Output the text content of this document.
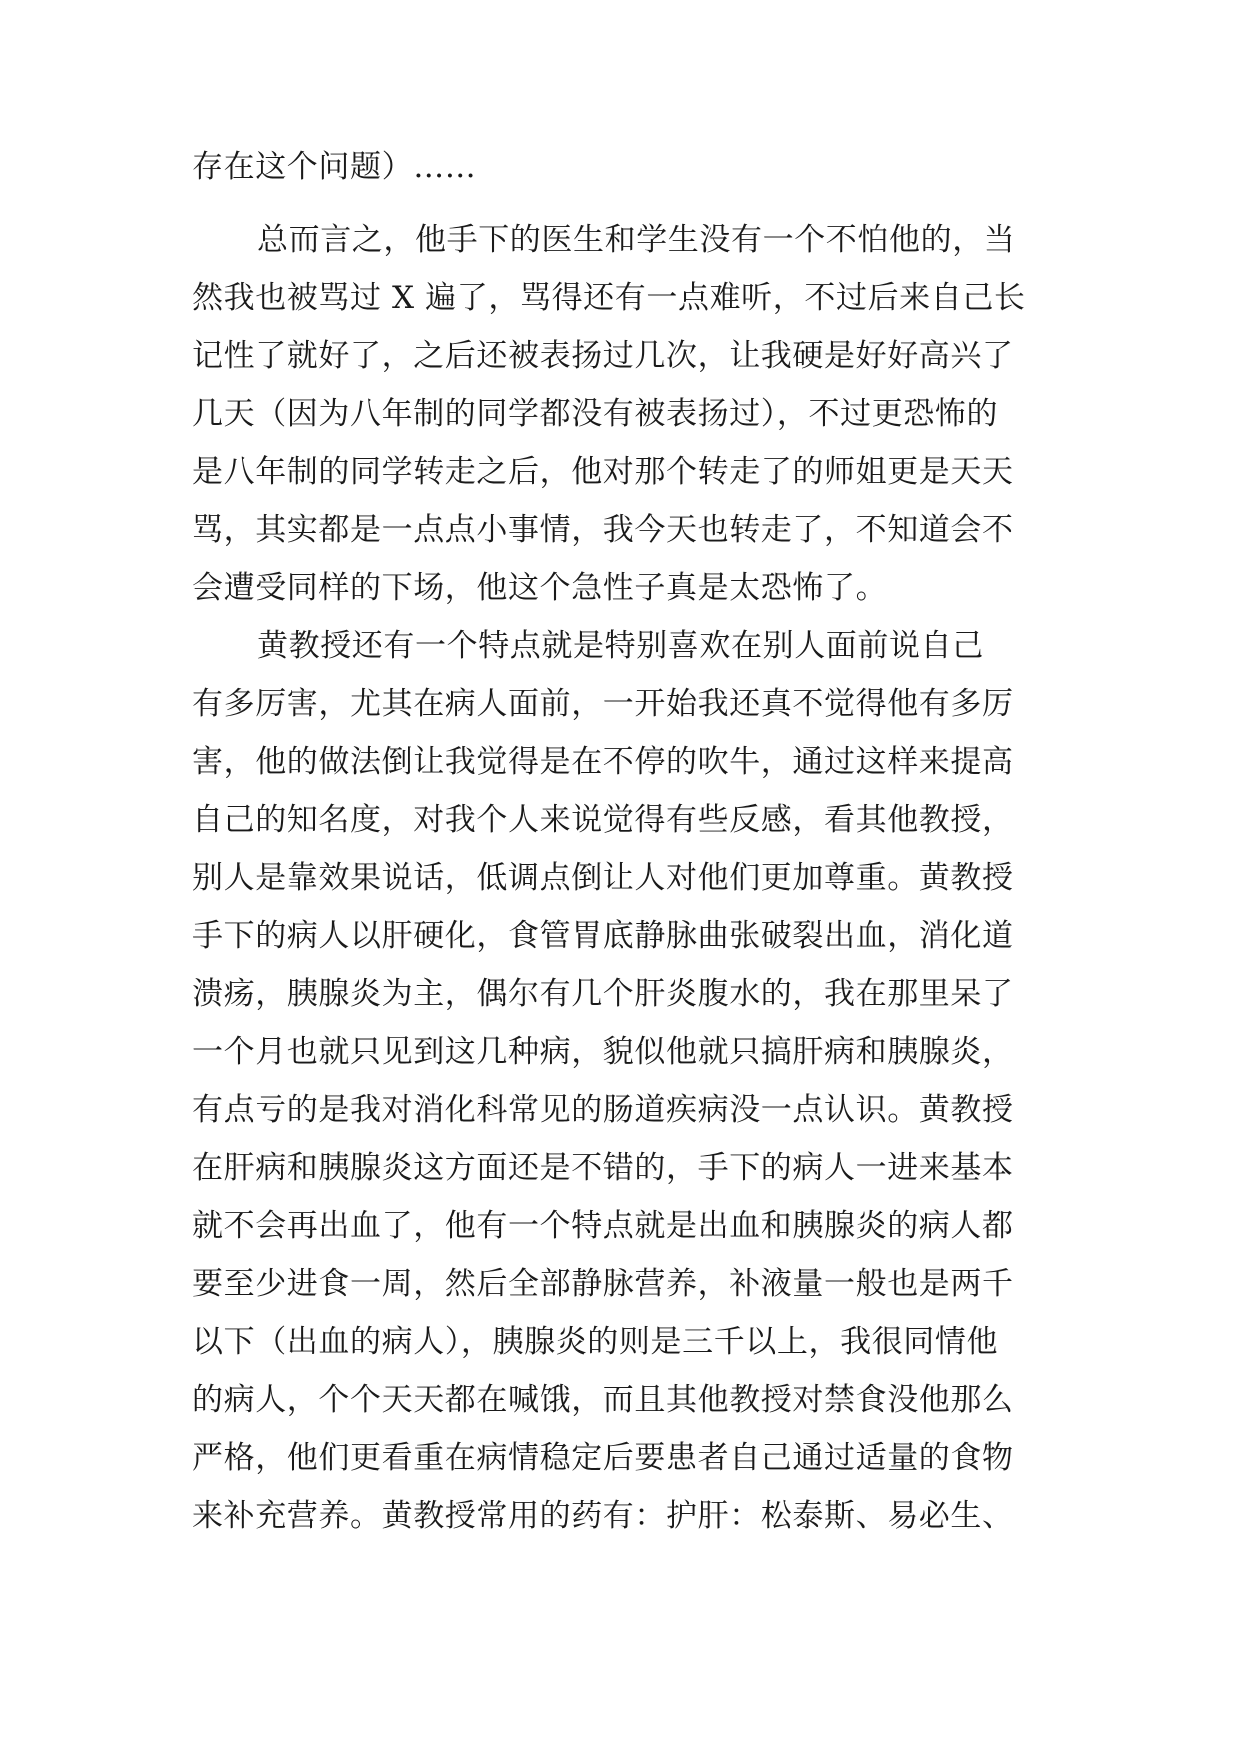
存在这个问题）……
总而言之，他手下的医生和学生没有一个不怕他的，当
然我也被骂过 X 遍了，骂得还有一点难听，不过后来自己长
记性了就好了，之后还被表扬过几次，让我硬是好好高兴了
几天（因为八年制的同学都没有被表扬过），不过更恐怖的
是八年制的同学转走之后，他对那个转走了的师姐更是天天
骂，其实都是一点点小事情，我今天也转走了，不知道会不
会遭受同样的下场，他这个急性子真是太恐怖了。
黄教授还有一个特点就是特别喜欢在别人面前说自己
有多厉害，尤其在病人面前，一开始我还真不觉得他有多厉
害，他的做法倒让我觉得是在不停的吹牛，通过这样来提高
自己的知名度，对我个人来说觉得有些反感，看其他教授，
别人是靠效果说话，低调点倒让人对他们更加尊重。黄教授
手下的病人以肝硬化，食管胃底静脉曲张破裂出血，消化道
溃疡，胰腺炎为主，偶尔有几个肝炎腹水的，我在那里呆了
一个月也就只见到这几种病，貌似他就只搞肝病和胰腺炎，
有点亏的是我对消化科常见的肠道疾病没一点认识。黄教授
在肝病和胰腺炎这方面还是不错的，手下的病人一进来基本
就不会再出血了，他有一个特点就是出血和胰腺炎的病人都
要至少进食一周，然后全部静脉营养，补液量一般也是两千
以下（出血的病人），胰腺炎的则是三千以上，我很同情他
的病人，个个天天都在喊饿，而且其他教授对禁食没他那么
严格，他们更看重在病情稳定后要患者自己通过适量的食物
来补充营养。黄教授常用的药有：护肝：松泰斯、易必生、
